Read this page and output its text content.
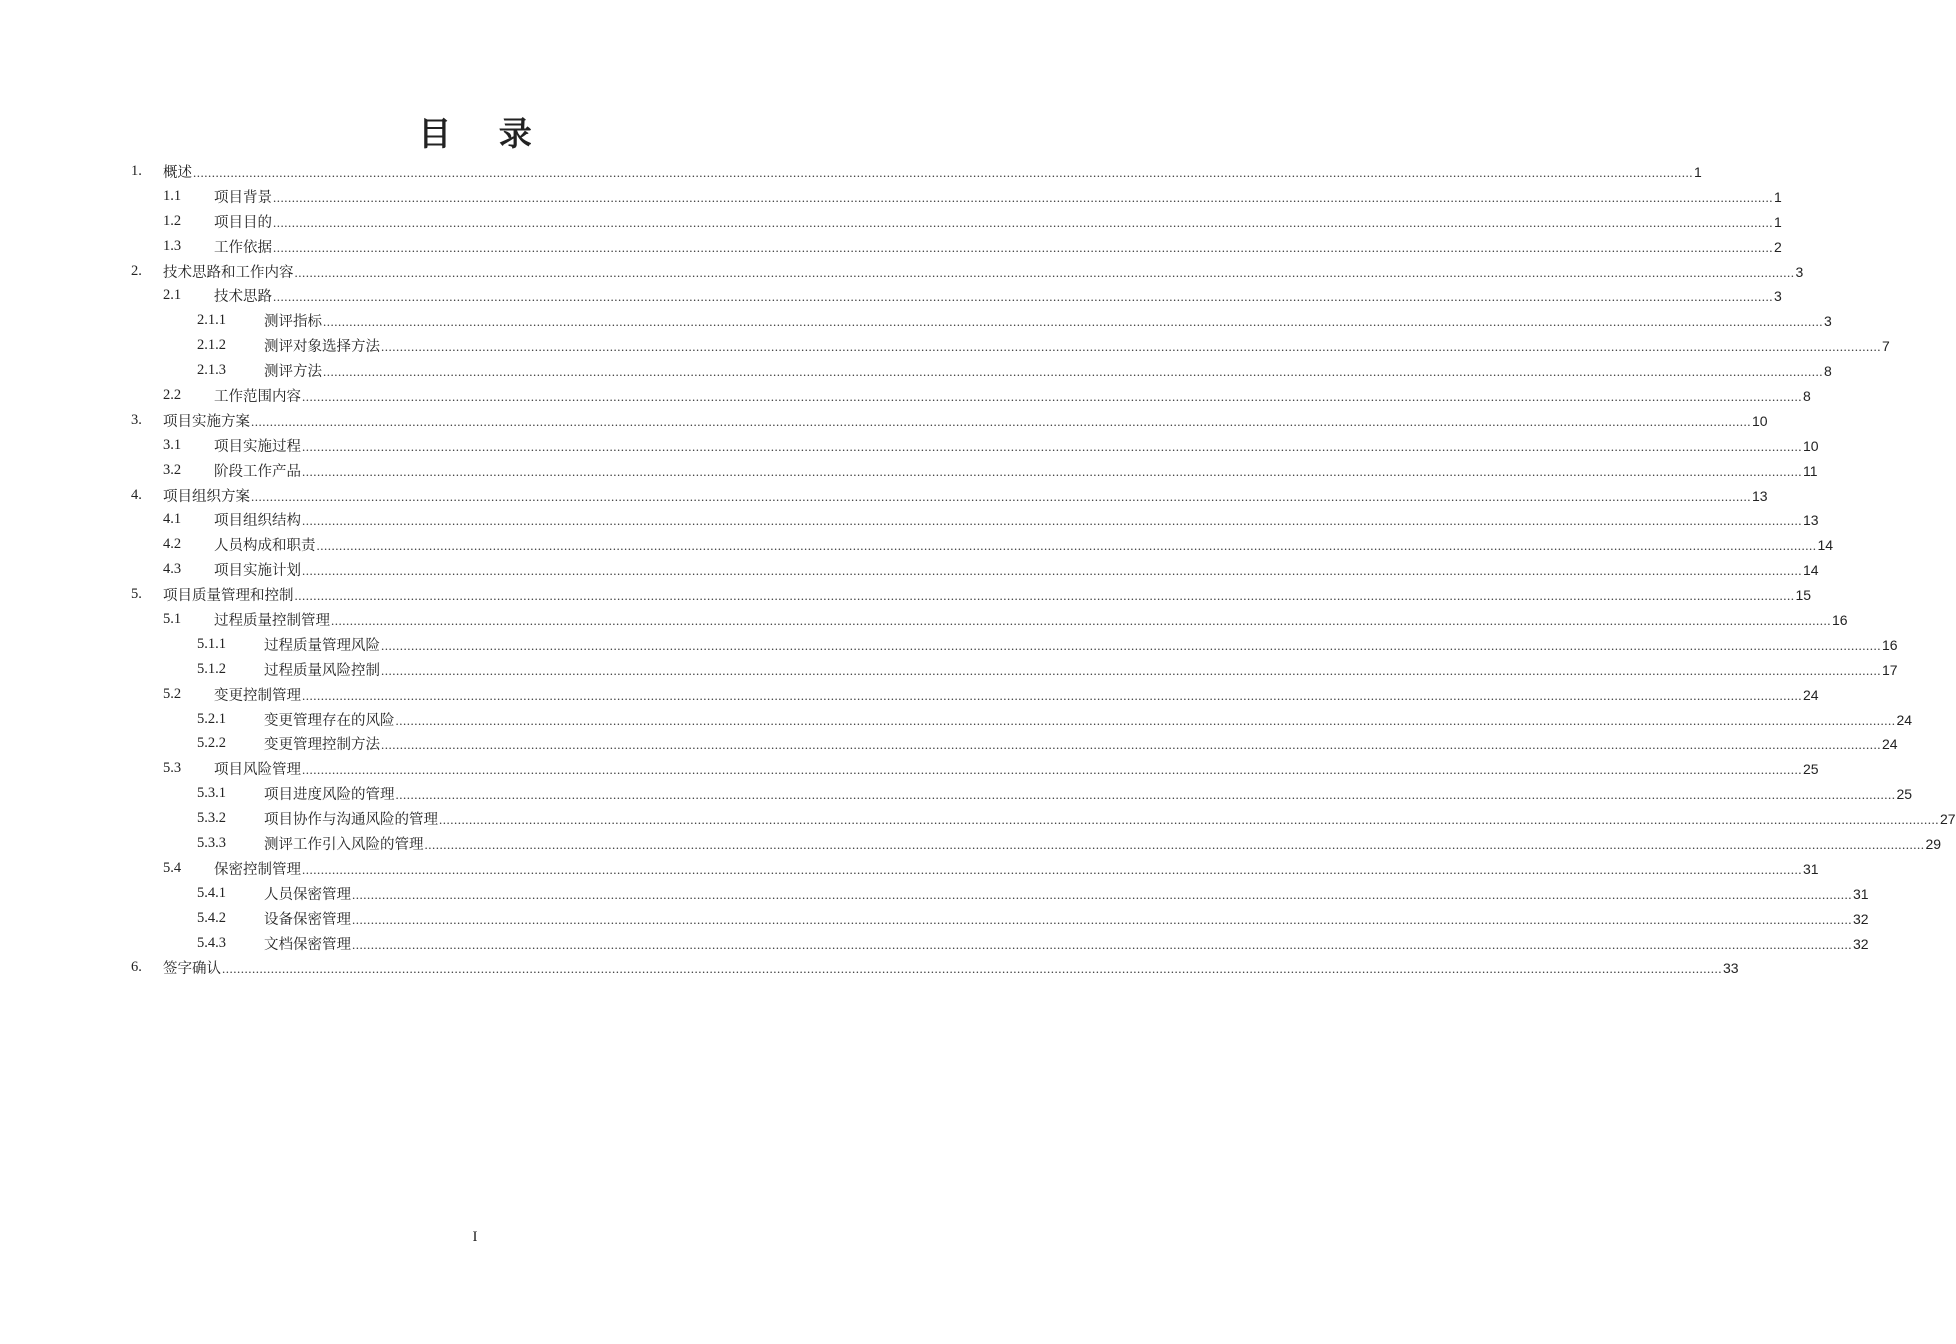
目 录
1. 概述 ................................................................................................................................................................................................................................................................................................................................................................................................................ 1
1.1 项目背景 ................................................................................................................................................................................................................................................................................................................................................................................................................ 1
1.2 项目目的 ................................................................................................................................................................................................................................................................................................................................................................................................................ 1
1.3 工作依据 ................................................................................................................................................................................................................................................................................................................................................................................................................ 2
2. 技术思路和工作内容 ................................................................................................................................................................................................................................................................................................................................................................................................................ 3
2.1 技术思路 ................................................................................................................................................................................................................................................................................................................................................................................................................ 3
2.1.1	测评指标 ................................................................................................................................................................................................................................................................................................................................................................................................................ 3
2.1.2	测评对象选择方法 ................................................................................................................................................................................................................................................................................................................................................................................................................ 7
2.1.3	测评方法 ................................................................................................................................................................................................................................................................................................................................................................................................................ 8
2.2 工作范围内容 ................................................................................................................................................................................................................................................................................................................................................................................................................ 8
3. 项目实施方案 ................................................................................................................................................................................................................................................................................................................................................................................................................ 10
3.1 项目实施过程 ................................................................................................................................................................................................................................................................................................................................................................................................................ 10
3.2 阶段工作产品 ................................................................................................................................................................................................................................................................................................................................................................................................................ 11
4. 项目组织方案 ................................................................................................................................................................................................................................................................................................................................................................................................................ 13
4.1 项目组织结构 ................................................................................................................................................................................................................................................................................................................................................................................................................ 13
4.2 人员构成和职责 ................................................................................................................................................................................................................................................................................................................................................................................................................ 14
4.3 项目实施计划 ................................................................................................................................................................................................................................................................................................................................................................................................................ 14
5. 项目质量管理和控制 ................................................................................................................................................................................................................................................................................................................................................................................................................ 15
5.1 过程质量控制管理 ................................................................................................................................................................................................................................................................................................................................................................................................................ 16
5.1.1	过程质量管理风险 ................................................................................................................................................................................................................................................................................................................................................................................................................ 16
5.1.2	过程质量风险控制 ................................................................................................................................................................................................................................................................................................................................................................................................................ 17
5.2 变更控制管理 ................................................................................................................................................................................................................................................................................................................................................................................................................ 24
5.2.1	变更管理存在的风险 ................................................................................................................................................................................................................................................................................................................................................................................................................ 24
5.2.2	变更管理控制方法 ................................................................................................................................................................................................................................................................................................................................................................................................................ 24
5.3 项目风险管理 ................................................................................................................................................................................................................................................................................................................................................................................................................ 25
5.3.1	项目进度风险的管理 ................................................................................................................................................................................................................................................................................................................................................................................................................ 25
5.3.2	项目协作与沟通风险的管理 ................................................................................................................................................................................................................................................................................................................................................................................................................ 27
5.3.3	测评工作引入风险的管理 ................................................................................................................................................................................................................................................................................................................................................................................................................ 29
5.4 保密控制管理 ................................................................................................................................................................................................................................................................................................................................................................................................................ 31
5.4.1	人员保密管理 ................................................................................................................................................................................................................................................................................................................................................................................................................ 31
5.4.2	设备保密管理 ................................................................................................................................................................................................................................................................................................................................................................................................................ 32
5.4.3	文档保密管理 ................................................................................................................................................................................................................................................................................................................................................................................................................ 32
6. 签字确认 ................................................................................................................................................................................................................................................................................................................................................................................................................ 33
I
